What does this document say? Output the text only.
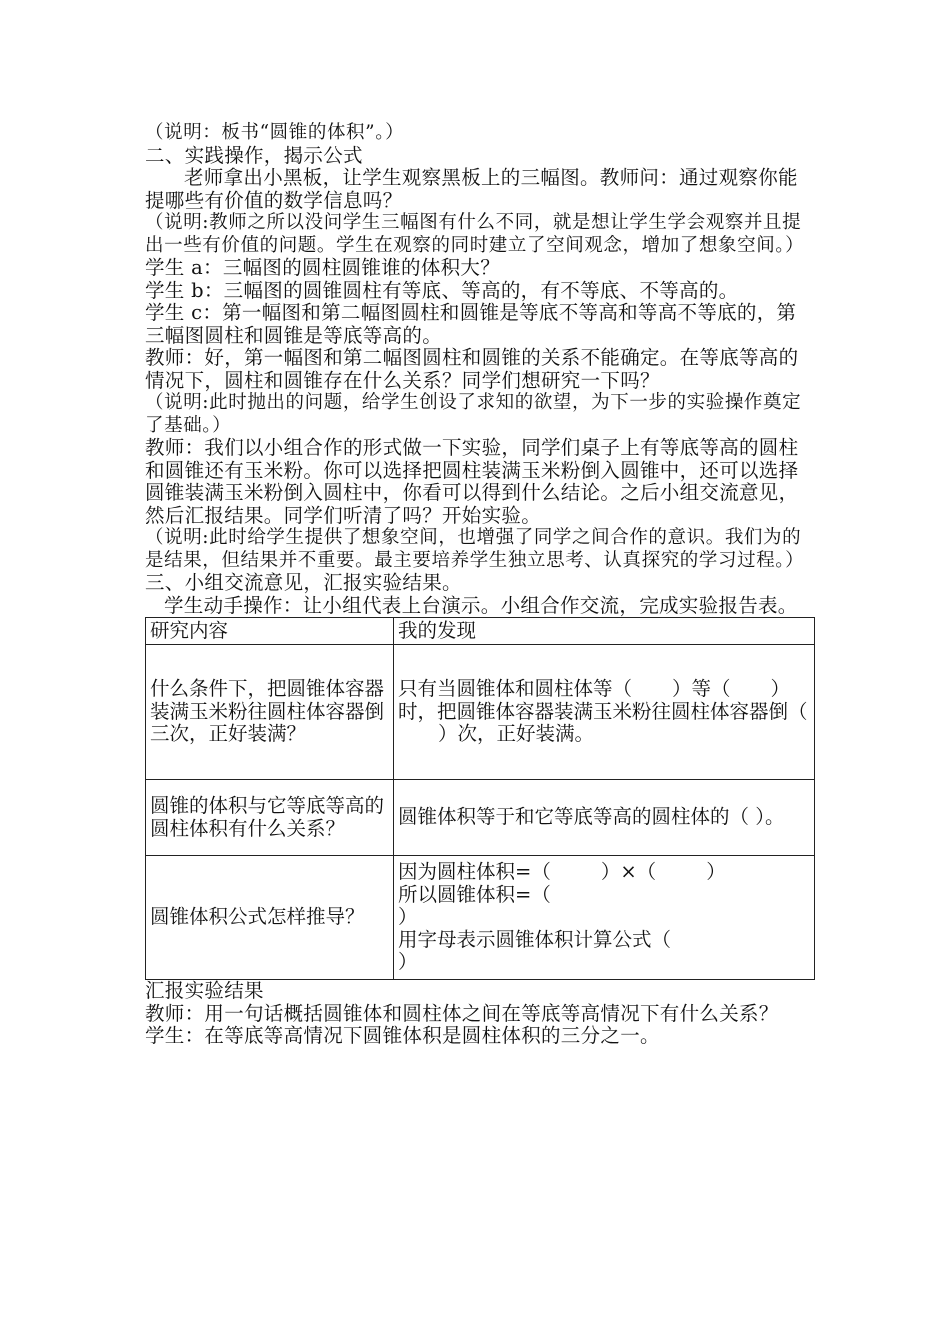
（说明：板书“圆锥的体积”。）

二、实践操作，揭示公式

老师拿出小黑板，让学生观察黑板上的三幅图。教师问：通过观察你能提哪些有价值的数学信息吗？

（说明:教师之所以没问学生三幅图有什么不同，就是想让学生学会观察并且提出一些有价值的问题。学生在观察的同时建立了空间观念，增加了想象空间。）

学生 a：三幅图的圆柱圆锥谁的体积大？

学生 b：三幅图的圆锥圆柱有等底、等高的，有不等底、不等高的。

学生 c：第一幅图和第二幅图圆柱和圆锥是等底不等高和等高不等底的，第三幅图圆柱和圆锥是等底等高的。

教师：好，第一幅图和第二幅图圆柱和圆锥的关系不能确定。在等底等高的情况下，圆柱和圆锥存在什么关系？同学们想研究一下吗？

（说明:此时抛出的问题，给学生创设了求知的欲望，为下一步的实验操作奠定了基础。）

教师：我们以小组合作的形式做一下实验，同学们桌子上有等底等高的圆柱和圆锥还有玉米粉。你可以选择把圆柱装满玉米粉倒入圆锥中，还可以选择圆锥装满玉米粉倒入圆柱中，你看可以得到什么结论。之后小组交流意见，然后汇报结果。同学们听清了吗？开始实验。

（说明:此时给学生提供了想象空间，也增强了同学之间合作的意识。我们为的是结果，但结果并不重要。最主要培养学生独立思考、认真探究的学习过程。）

三、小组交流意见，汇报实验结果。

学生动手操作：让小组代表上台演示。小组合作交流，完成实验报告表。

研究内容	我的发现
什么条件下，把圆锥体容器装满玉米粉往圆柱体容器倒三次，正好装满？	只有当圆锥体和圆柱体等（ ）等（ ）时，把圆锥体容器装满玉米粉往圆柱体容器倒（）次，正好装满。
圆锥的体积与它等底等高的圆柱体积有什么关系？	圆锥体积等于和它等底等高的圆柱体的（ ）。
圆锥体积公式怎样推导？	因为圆柱体积=（ ）×（ ）
所以圆锥体积=（
）
用字母表示圆锥体积计算公式（
）

汇报实验结果

教师：用一句话概括圆锥体和圆柱体之间在等底等高情况下有什么关系？

学生：在等底等高情况下圆锥体积是圆柱体积的三分之一。
